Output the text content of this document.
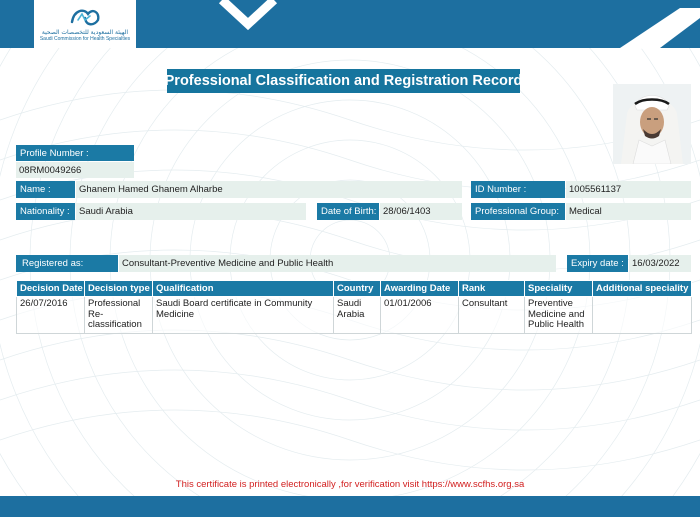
الهيئة السعودية للتخصصات الصحية
Saudi Commission for Health Specialties
Professional Classification and Registration Record
Profile Number :
08RM0049266
Name :	Ghanem Hamed Ghanem Alharbe	ID Number :	1005561137
Nationality : Saudi Arabia	Date of Birth: 28/06/1403	Professional Group:	Medical
Registered as:	Consultant-Preventive Medicine and Public Health	Expiry date : 16/03/2022
Decision Date	Decision type	Qualification	Country	Awarding Date	Rank	Speciality	Additional speciality
26/07/2016	Professional Re-classification	Saudi Board certificate in Community Medicine	Saudi Arabia	01/01/2006	Consultant	Preventive Medicine and Public Health	
This certificate is printed electronically ,for verification visit https://www.scfhs.org.sa
